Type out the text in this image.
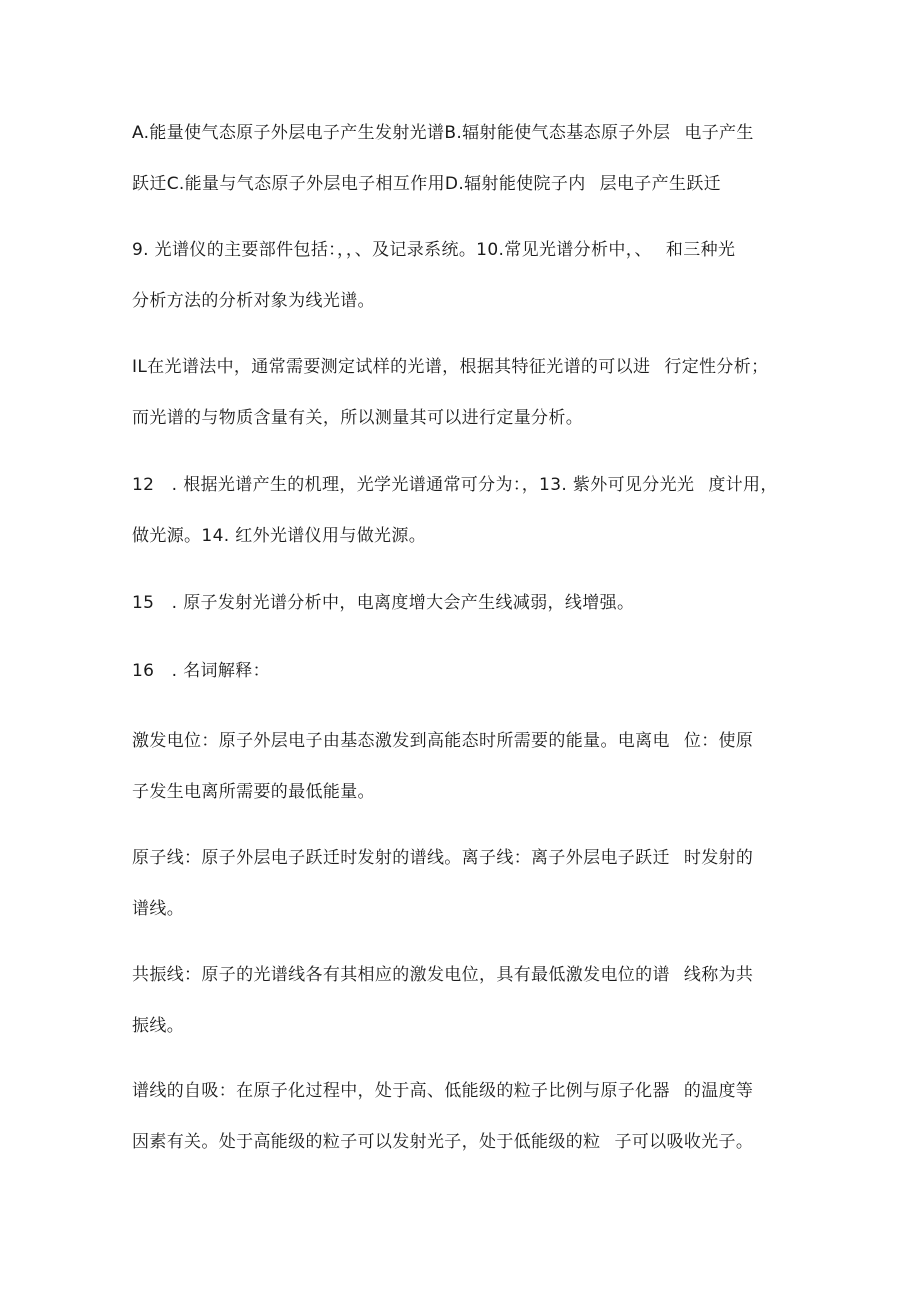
A.能量使气态原子外层电子产生发射光谱B.辐射能使气态基态原子外层 电子产生
跃迁C.能量与气态原子外层电子相互作用D.辐射能使院子内 层电子产生跃迁
9. 光谱仪的主要部件包括：，，、及记录系统。10.常见光谱分析中，、 和三种光
分析方法的分析对象为线光谱。
IL在光谱法中，通常需要测定试样的光谱，根据其特征光谱的可以进 行定性分析；
而光谱的与物质含量有关，所以测量其可以进行定量分析。
12　. 根据光谱产生的机理，光学光谱通常可分为：，13. 紫外可见分光光 度计用，
做光源。14. 红外光谱仪用与做光源。
15　. 原子发射光谱分析中，电离度增大会产生线减弱，线增强。
16　. 名词解释：
激发电位：原子外层电子由基态激发到高能态时所需要的能量。电离电 位：使原
子发生电离所需要的最低能量。
原子线：原子外层电子跃迁时发射的谱线。离子线：离子外层电子跃迁 时发射的
谱线。
共振线：原子的光谱线各有其相应的激发电位，具有最低激发电位的谱 线称为共
振线。
谱线的自吸：在原子化过程中，处于高、低能级的粒子比例与原子化器 的温度等
因素有关。处于高能级的粒子可以发射光子，处于低能级的粒 子可以吸收光子。
